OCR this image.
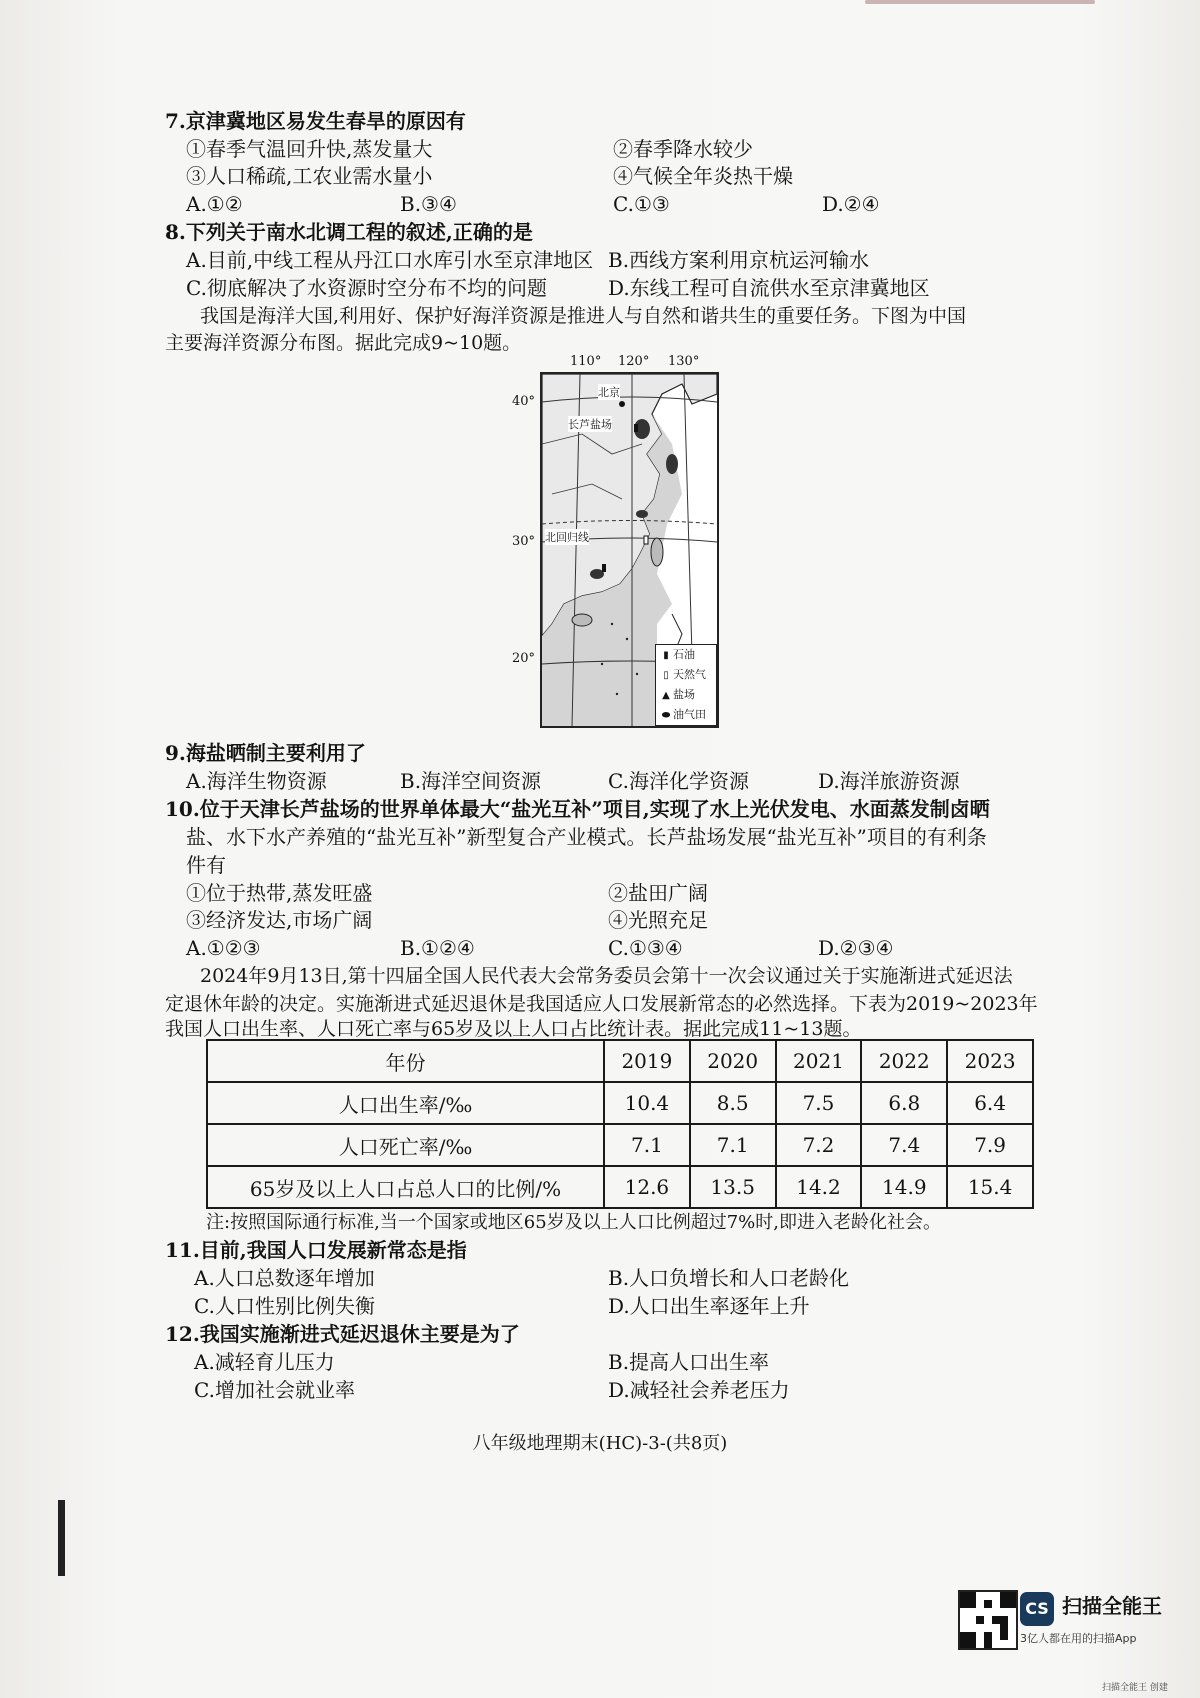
7.京津冀地区易发生春旱的原因有
①春季气温回升快,蒸发量大	②春季降水较少
③人口稀疏,工农业需水量小	④气候全年炎热干燥
A.①②	B.③④	C.①③	D.②④
8.下列关于南水北调工程的叙述,正确的是
A.目前,中线工程从丹江口水库引水至京津地区 B.西线方案利用京杭运河输水
C.彻底解决了水资源时空分布不均的问题	D.东线工程可自流供水至京津冀地区
我国是海洋大国,利用好、保护好海洋资源是推进人与自然和谐共生的重要任务。下图为中国
主要海洋资源分布图。据此完成9~10题。
110° 120° 130°
40°
30°
20°
北京
长芦盐场
北回归线
▮ 石油
▯ 天然气
▲ 盐场
⬬ 油气田
9.海盐晒制主要利用了
A.海洋生物资源	B.海洋空间资源	C.海洋化学资源	D.海洋旅游资源
10.位于天津长芦盐场的世界单体最大“盐光互补”项目,实现了水上光伏发电、水面蒸发制卤晒
盐、水下水产养殖的“盐光互补”新型复合产业模式。长芦盐场发展“盐光互补”项目的有利条
件有
①位于热带,蒸发旺盛	②盐田广阔
③经济发达,市场广阔	④光照充足
A.①②③	B.①②④	C.①③④	D.②③④
2024年9月13日,第十四届全国人民代表大会常务委员会第十一次会议通过关于实施渐进式延迟法
定退休年龄的决定。实施渐进式延迟退休是我国适应人口发展新常态的必然选择。下表为2019~2023年
我国人口出生率、人口死亡率与65岁及以上人口占比统计表。据此完成11~13题。
年份	2019	2020	2021	2022	2023
人口出生率/‰	10.4	8.5	7.5	6.8	6.4
人口死亡率/‰	7.1	7.1	7.2	7.4	7.9
65岁及以上人口占总人口的比例/%	12.6	13.5	14.2	14.9	15.4
注:按照国际通行标准,当一个国家或地区65岁及以上人口比例超过7%时,即进入老龄化社会。
11.目前,我国人口发展新常态是指
A.人口总数逐年增加	B.人口负增长和人口老龄化
C.人口性别比例失衡	D.人口出生率逐年上升
12.我国实施渐进式延迟退休主要是为了
A.减轻育儿压力	B.提高人口出生率
C.增加社会就业率	D.减轻社会养老压力
八年级地理期末(HC)-3-(共8页)
CS 扫描全能王
3亿人都在用的扫描App
扫描全能王 创建
